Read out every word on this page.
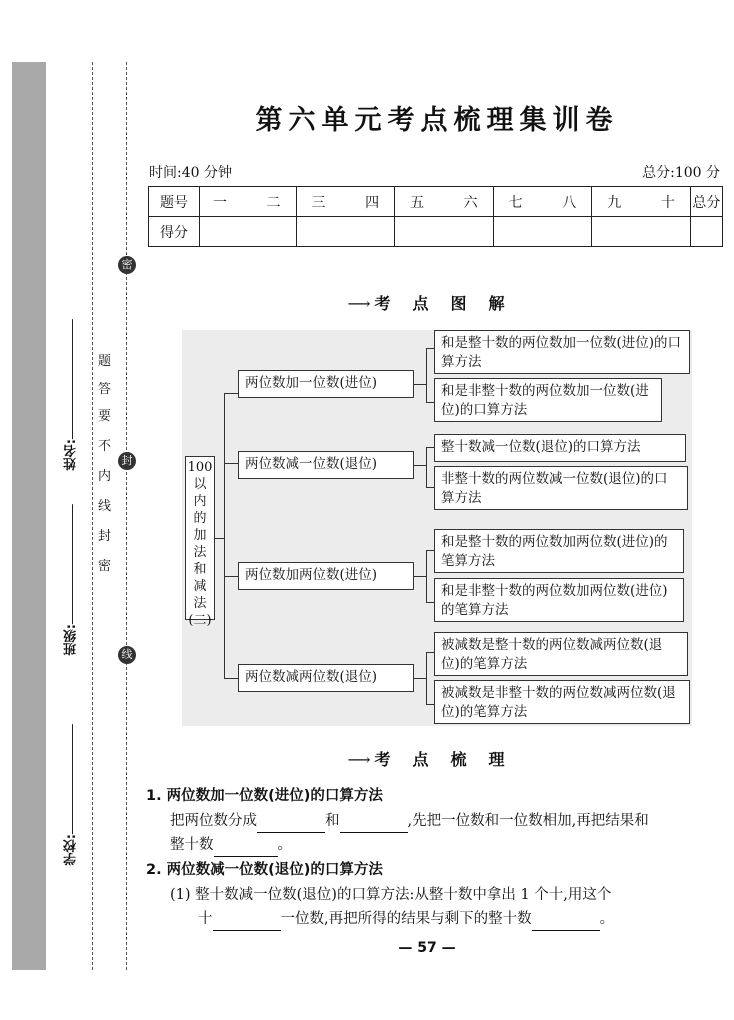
姓名:
班级:
学校:
密
封
线
内
不
要
答
题
密
封
线
第六单元考点梳理集训卷
时间:40 分钟	总分:100 分
题号	一 二	三 四	五 六	七 八	九 十	总分
得分						
⟶ 考点图解
100
以
内
的
加
法
和
减
法
(二)
两位数加一位数(进位)
和是整十数的两位数加一位数(进位)的口算方法
和是非整十数的两位数加一位数(进位)的口算方法
两位数减一位数(退位)
整十数减一位数(退位)的口算方法
非整十数的两位数减一位数(退位)的口算方法
两位数加两位数(进位)
和是整十数的两位数加两位数(进位)的笔算方法
和是非整十数的两位数加两位数(进位)的笔算方法
两位数减两位数(退位)
被减数是整十数的两位数减两位数(退位)的笔算方法
被减数是非整十数的两位数减两位数(退位)的笔算方法
⟶ 考点梳理
1. 两位数加一位数(进位)的口算方法
把两位数分成	和	,先把一位数和一位数相加,再把结果和
整十数	。
2. 两位数减一位数(退位)的口算方法
(1) 整十数减一位数(退位)的口算方法:从整十数中拿出 1 个十,用这个
十	一位数,再把所得的结果与剩下的整十数	。
— 57 —
